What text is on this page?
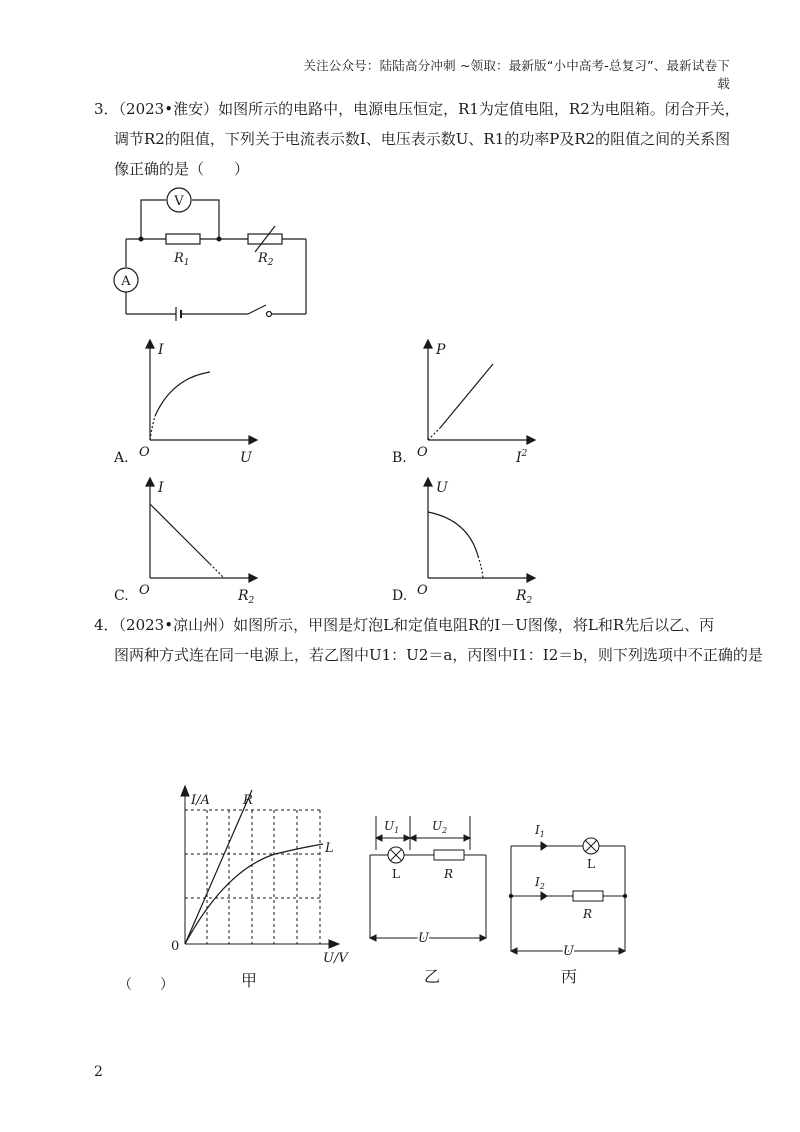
关注公众号：陆陆高分冲刺 ~领取：最新版“小中高考-总复习”、最新试卷下载
3．（2023•淮安）如图所示的电路中，电源电压恒定，R1为定值电阻，R2为电阻箱。闭合开关，
调节R2的阻值，下列关于电流表示数I、电压表示数U、R1的功率P及R2的阻值之间的关系图
像正确的是（　　）
V
A
$R_1$	$R_2$
I
O	U
A.
P
O	$I^2$
B.
I
O	$R_2$
C.
U
O	$R_2$
D.
4．（2023•凉山州）如图所示，甲图是灯泡L和定值电阻R的I－U图像，将L和R先后以乙、丙
图两种方式连在同一电源上，若乙图中U1：U2＝a，丙图中I1：I2＝b，则下列选项中不正确的是
I/A	R
L
0
U/V
甲
$U_1$	$U_2$
L	R
U
乙
$I_1$
$I_2$
L
R
U
丙
（　　）
2
